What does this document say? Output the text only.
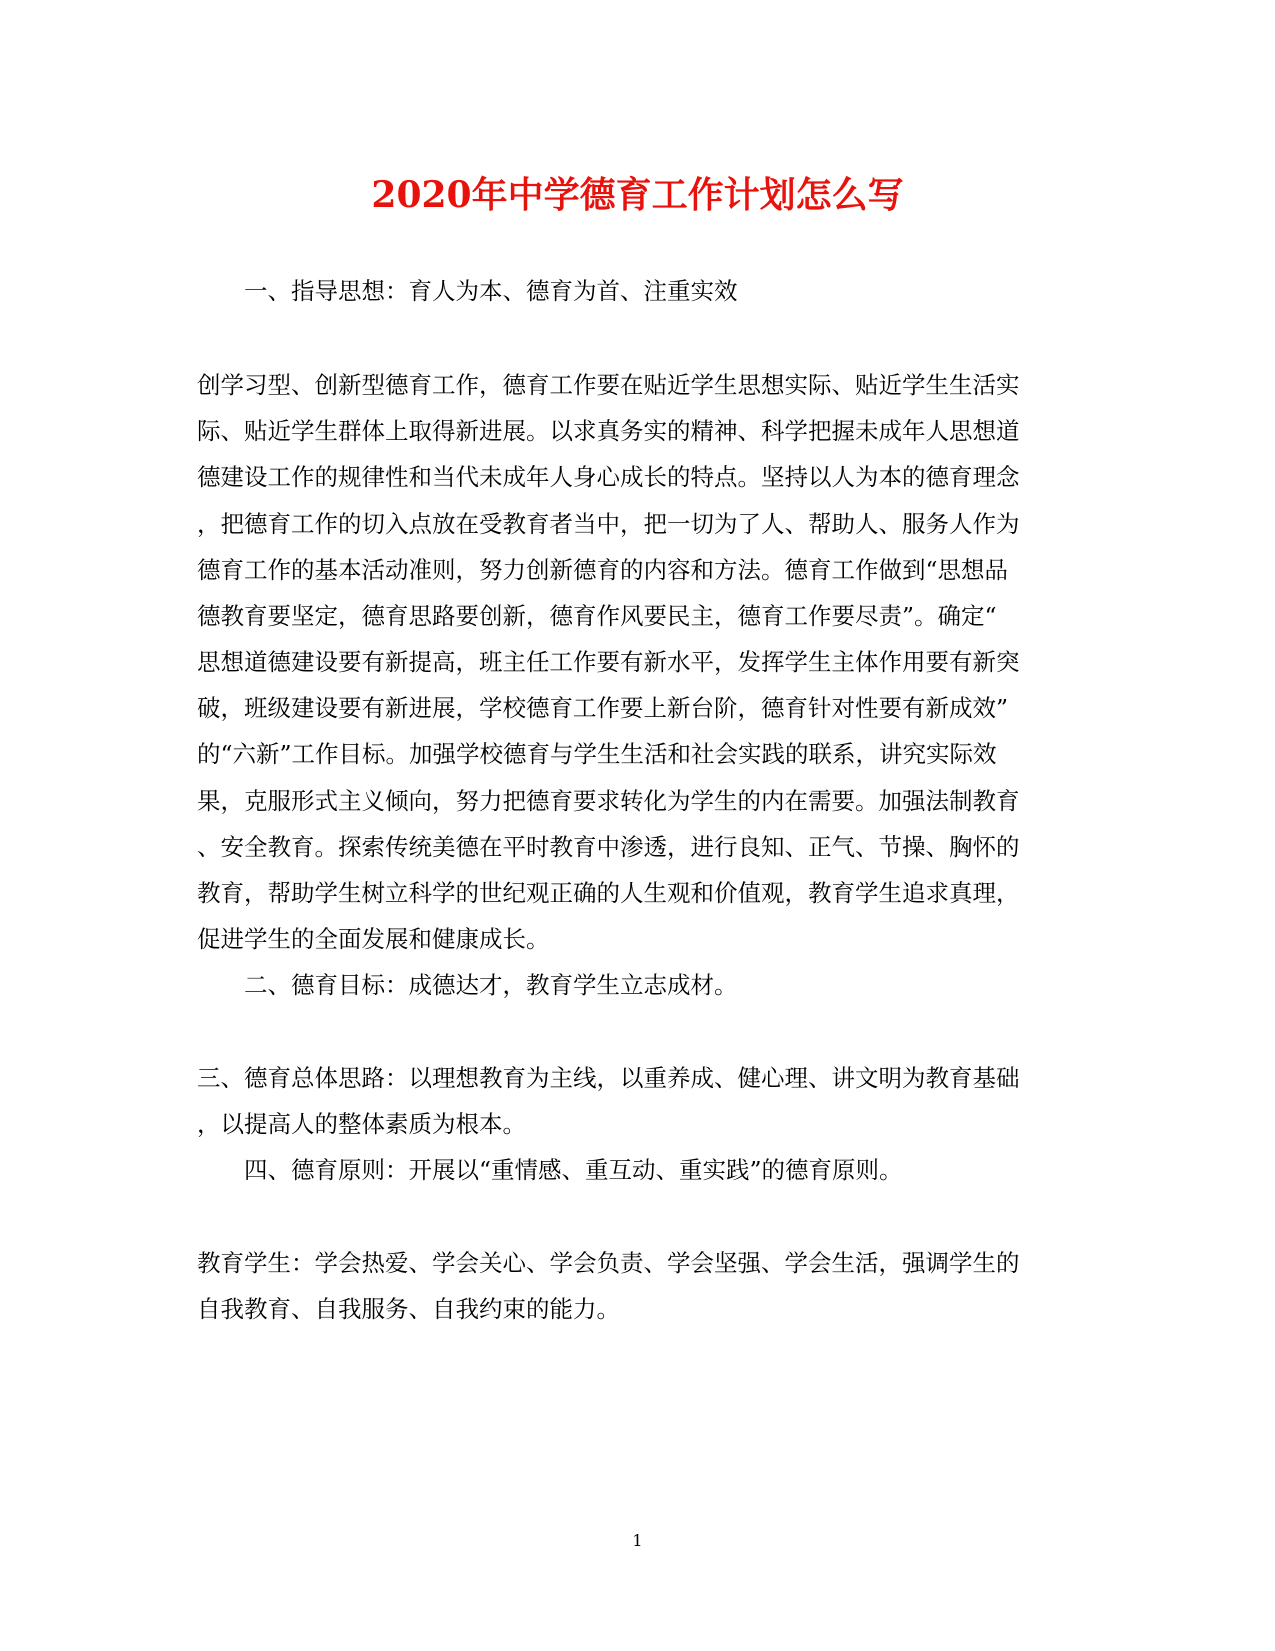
2020年中学德育工作计划怎么写
一、指导思想：育人为本、德育为首、注重实效
创学习型、创新型德育工作，德育工作要在贴近学生思想实际、贴近学生生活实
际、贴近学生群体上取得新进展。以求真务实的精神、科学把握未成年人思想道
德建设工作的规律性和当代未成年人身心成长的特点。坚持以人为本的德育理念
，把德育工作的切入点放在受教育者当中，把一切为了人、帮助人、服务人作为
德育工作的基本活动准则，努力创新德育的内容和方法。德育工作做到“思想品
德教育要坚定，德育思路要创新，德育作风要民主，德育工作要尽责”。确定“
思想道德建设要有新提高，班主任工作要有新水平，发挥学生主体作用要有新突
破，班级建设要有新进展，学校德育工作要上新台阶，德育针对性要有新成效”
的“六新”工作目标。加强学校德育与学生生活和社会实践的联系，讲究实际效
果，克服形式主义倾向，努力把德育要求转化为学生的内在需要。加强法制教育
、安全教育。探索传统美德在平时教育中渗透，进行良知、正气、节操、胸怀的
教育，帮助学生树立科学的世纪观正确的人生观和价值观，教育学生追求真理，
促进学生的全面发展和健康成长。
二、德育目标：成德达才，教育学生立志成材。
三、德育总体思路：以理想教育为主线，以重养成、健心理、讲文明为教育基础
，以提高人的整体素质为根本。
四、德育原则：开展以“重情感、重互动、重实践”的德育原则。
教育学生：学会热爱、学会关心、学会负责、学会坚强、学会生活，强调学生的
自我教育、自我服务、自我约束的能力。
1
